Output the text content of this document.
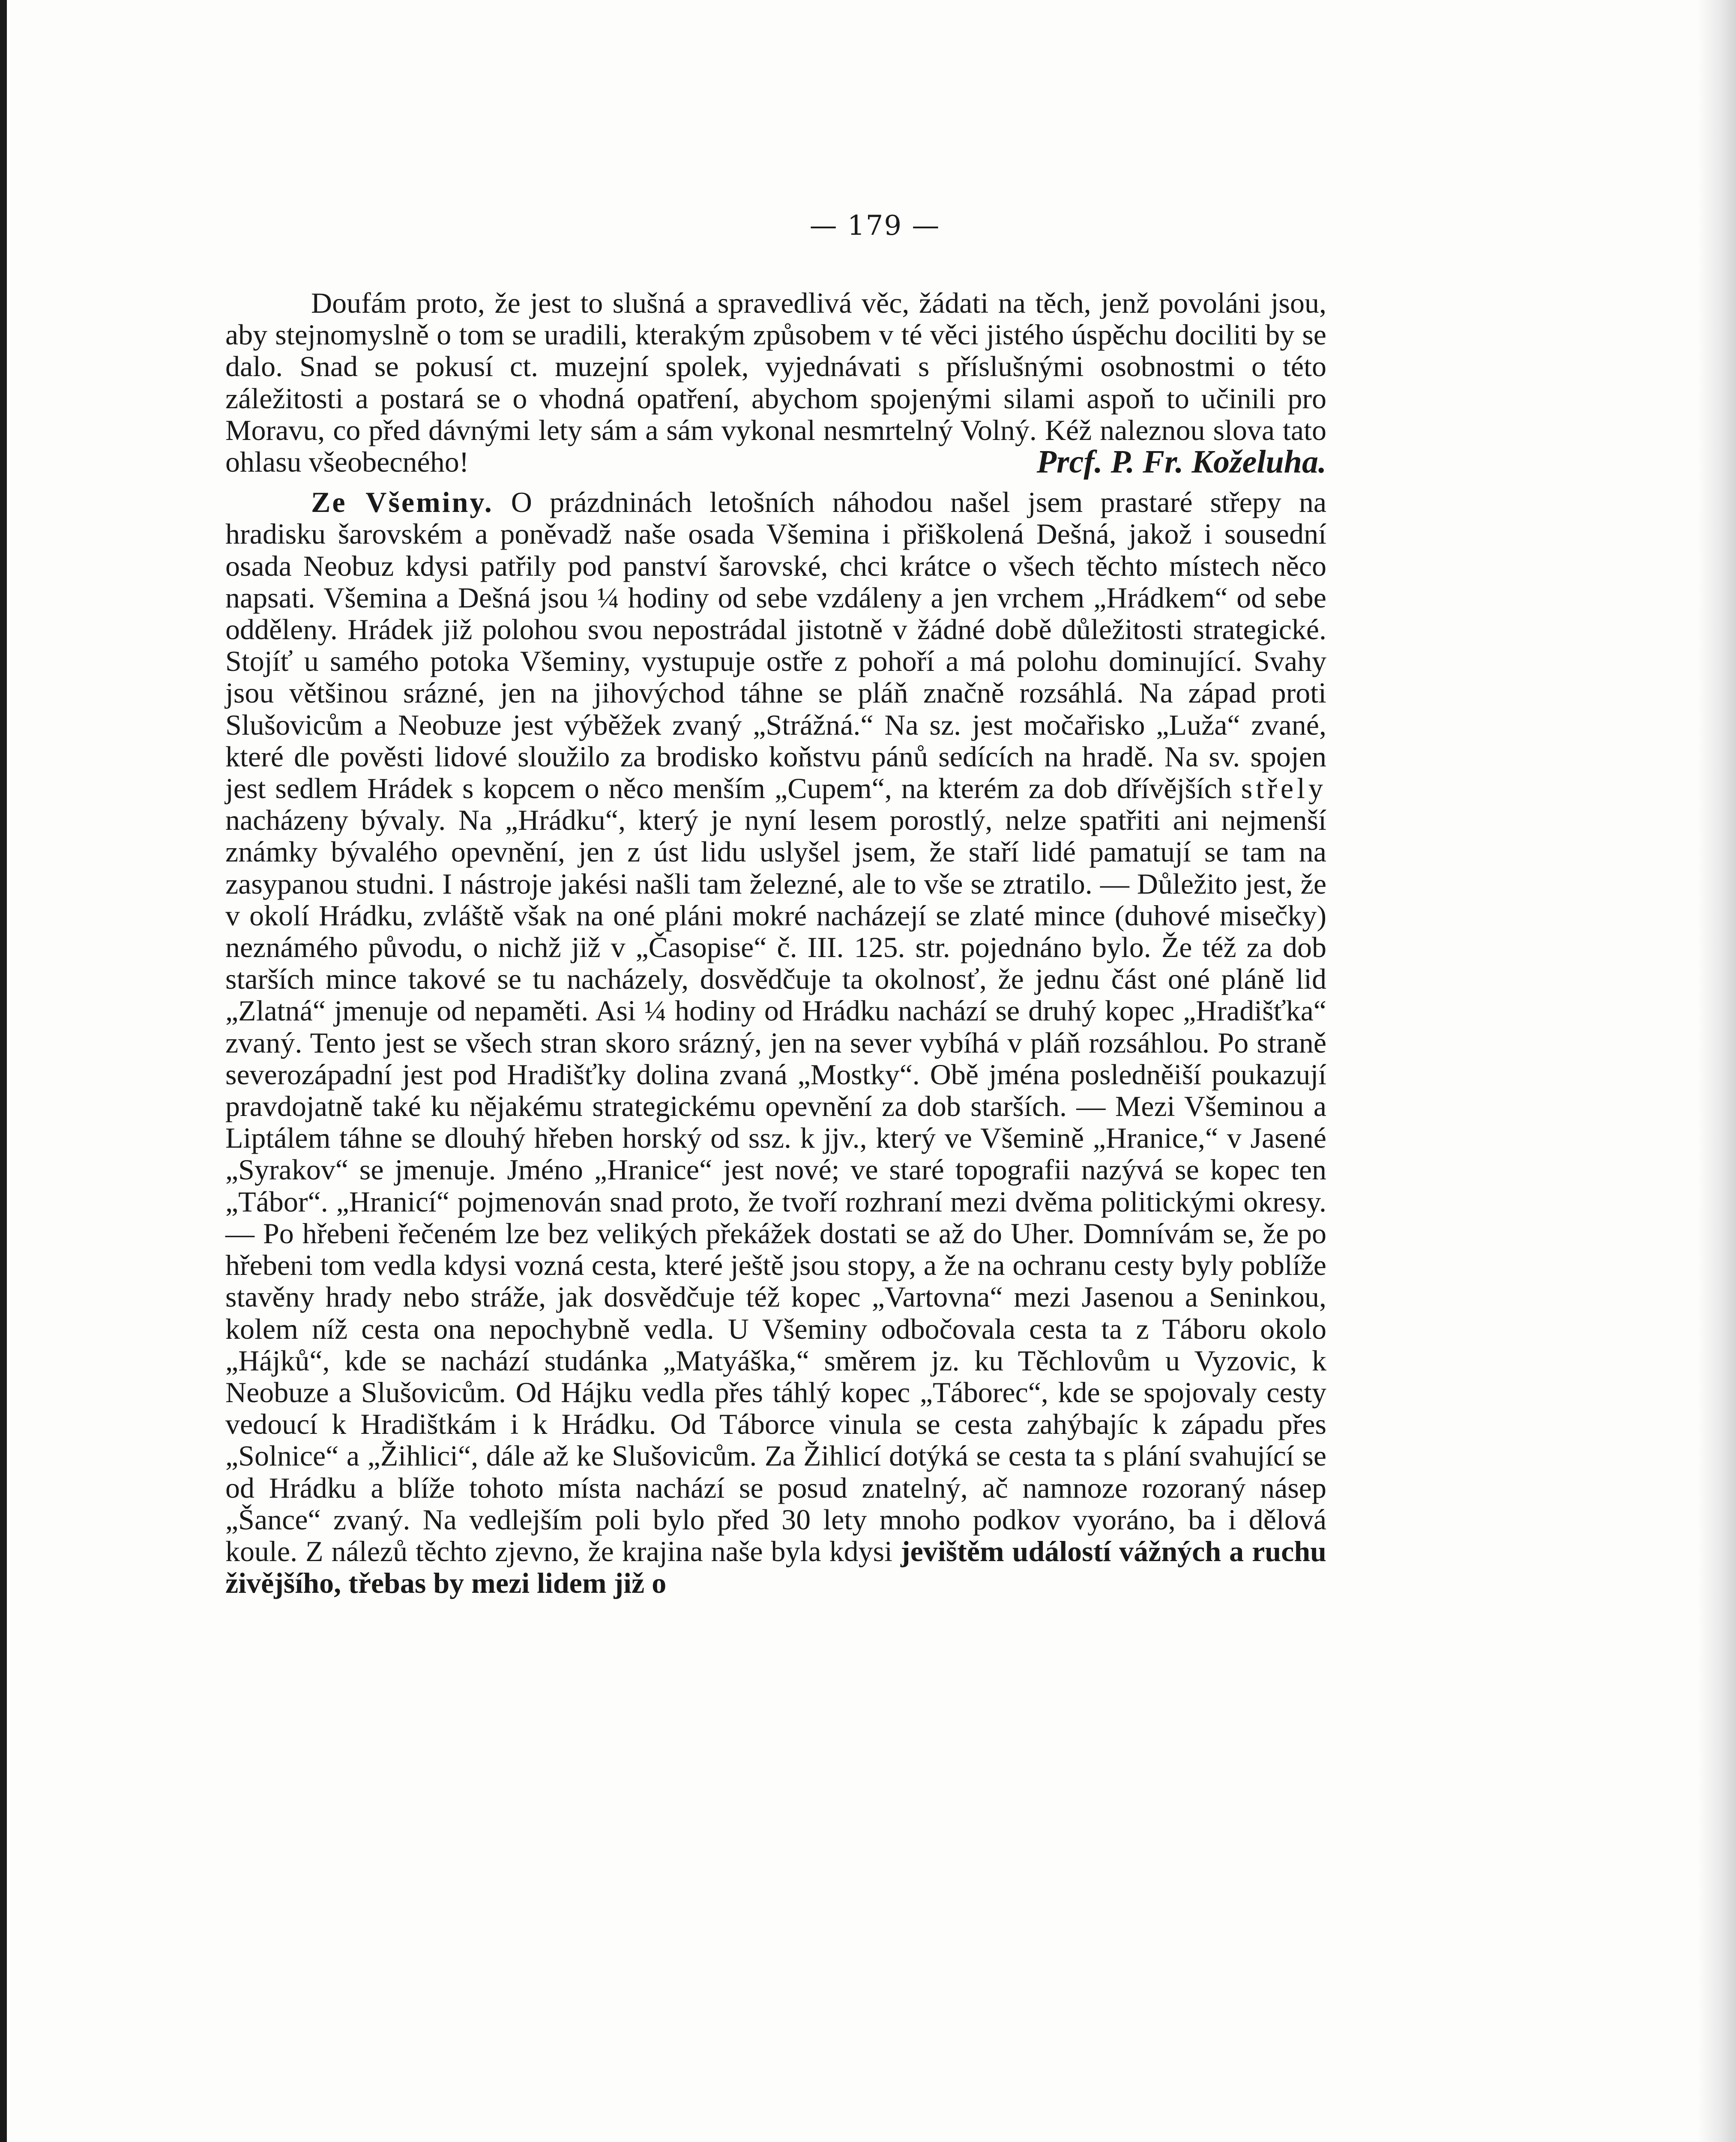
— 179 —

Doufám proto, že jest to slušná a spravedlivá věc, žádati na těch, jenž povoláni jsou, aby stejnomyslně o tom se uradili, kterakým způsobem v té věci jistého úspěchu dociliti by se dalo. Snad se pokusí ct. muzejní spolek, vyjednávati s příslušnými osobnostmi o této záležitosti a postará se o vhodná opatření, abychom spojenými silami aspoň to učinili pro Moravu, co před dávnými lety sám a sám vykonal nesmrtelný Volný. Kéž naleznou slova tato ohlasu všeobecného!	Prcf. P. Fr. Koželuha.

Ze Všeminy. O prázdninách letošních náhodou našel jsem prastaré střepy na hradisku šarovském a poněvadž naše osada Všemina i přiškolená Dešná, jakož i sousední osada Neobuz kdysi patřily pod panství šarovské, chci krátce o všech těchto místech něco napsati. Všemina a Dešná jsou ¼ hodiny od sebe vzdáleny a jen vrchem „Hrádkem“ od sebe odděleny. Hrádek již polohou svou nepostrádal jistotně v žádné době důležitosti strategické. Stojíť u samého potoka Všeminy, vystupuje ostře z pohoří a má polohu dominující. Svahy jsou většinou srázné, jen na jihovýchod táhne se pláň značně rozsáhlá. Na západ proti Slušovicům a Neobuze jest výběžek zvaný „Strážná.“ Na sz. jest močařisko „Luža“ zvané, které dle pověsti lidové sloužilo za brodisko koňstvu pánů sedících na hradě. Na sv. spojen jest sedlem Hrádek s kopcem o něco menším „Cupem“, na kterém za dob dřívějších střely nacházeny bývaly. Na „Hrádku“, který je nyní lesem porostlý, nelze spatřiti ani nejmenší známky bývalého opevnění, jen z úst lidu uslyšel jsem, že staří lidé pamatují se tam na zasypanou studni. I nástroje jakési našli tam železné, ale to vše se ztratilo. — Důležito jest, že v okolí Hrádku, zvláště však na oné pláni mokré nacházejí se zlaté mince (duhové misečky) neznámého původu, o nichž již v „Časopise“ č. III. 125. str. pojednáno bylo. Že též za dob starších mince takové se tu nacházely, dosvědčuje ta okolnosť, že jednu část oné pláně lid „Zlatná“ jmenuje od nepaměti. Asi ¼ hodiny od Hrádku nachází se druhý kopec „Hradišťka“ zvaný. Tento jest se všech stran skoro srázný, jen na sever vybíhá v pláň rozsáhlou. Po straně severozápadní jest pod Hradišťky dolina zvaná „Mostky“. Obě jména posledněiší poukazují pravdojatně také ku nějakému strategickému opevnění za dob starších. — Mezi Všeminou a Liptálem táhne se dlouhý hřeben horský od ssz. k jjv., který ve Všemině „Hranice,“ v Jasené „Syrakov“ se jmenuje. Jméno „Hranice“ jest nové; ve staré topografii nazývá se kopec ten „Tábor“. „Hranicí“ pojmenován snad proto, že tvoří rozhraní mezi dvěma politickými okresy. — Po hřebeni řečeném lze bez velikých překážek dostati se až do Uher. Domnívám se, že po hřebeni tom vedla kdysi vozná cesta, které ještě jsou stopy, a že na ochranu cesty byly poblíže stavěny hrady nebo stráže, jak dosvědčuje též kopec „Vartovna“ mezi Jasenou a Seninkou, kolem níž cesta ona nepochybně vedla. U Všeminy odbočovala cesta ta z Táboru okolo „Hájků“, kde se nachází studánka „Matyáška,“ směrem jz. ku Těchlovům u Vyzovic, k Neobuze a Slušovicům. Od Hájku vedla přes táhlý kopec „Táborec“, kde se spojovaly cesty vedoucí k Hradištkám i k Hrádku. Od Táborce vinula se cesta zahýbajíc k západu přes „Solnice“ a „Žihlici“, dále až ke Slušovicům. Za Žihlicí dotýká se cesta ta s plání svahující se od Hrádku a blíže tohoto místa nachází se posud znatelný, ač namnoze rozoraný násep „Šance“ zvaný. Na vedlejším poli bylo před 30 lety mnoho podkov vyoráno, ba i dělová koule. Z nálezů těchto zjevno, že krajina naše byla kdysi jevištěm událostí vážných a ruchu živějšího, třebas by mezi lidem již o
